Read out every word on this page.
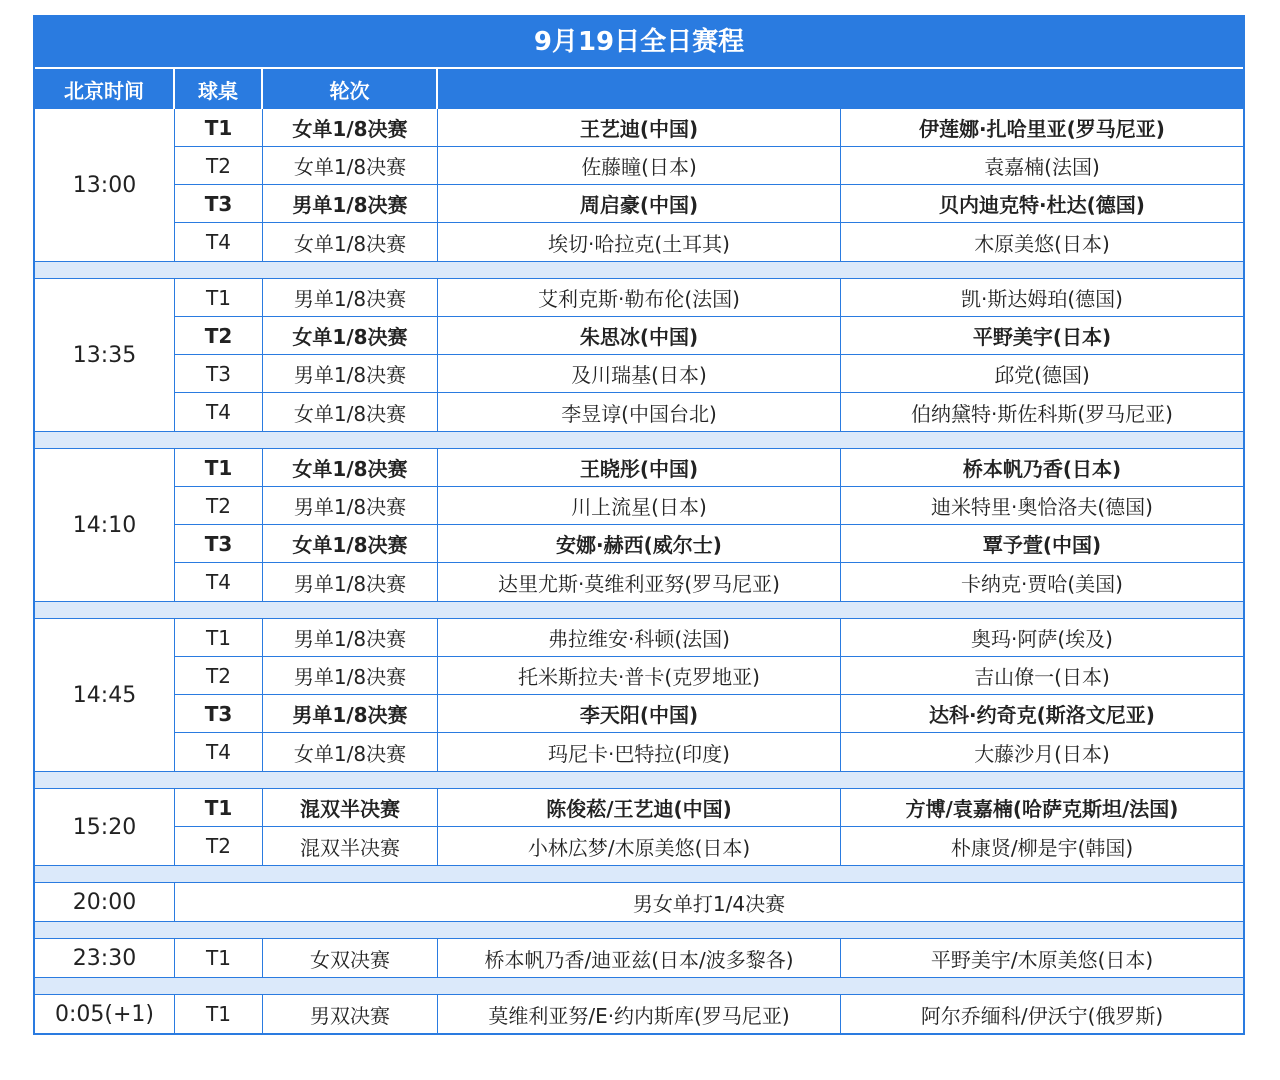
9月19日全日赛程
北京时间	球桌	轮次
13:00
T1	女单1/8决赛	王艺迪(中国)	伊莲娜·扎哈里亚(罗马尼亚)
T2	女单1/8决赛	佐藤瞳(日本)	袁嘉楠(法国)
T3	男单1/8决赛	周启豪(中国)	贝内迪克特·杜达(德国)
T4	女单1/8决赛	埃切·哈拉克(土耳其)	木原美悠(日本)
13:35
T1	男单1/8决赛	艾利克斯·勒布伦(法国)	凯·斯达姆珀(德国)
T2	女单1/8决赛	朱思冰(中国)	平野美宇(日本)
T3	男单1/8决赛	及川瑞基(日本)	邱党(德国)
T4	女单1/8决赛	李昱谆(中国台北)	伯纳黛特·斯佐科斯(罗马尼亚)
14:10
T1	女单1/8决赛	王晓彤(中国)	桥本帆乃香(日本)
T2	男单1/8决赛	川上流星(日本)	迪米特里·奥恰洛夫(德国)
T3	女单1/8决赛	安娜·赫西(威尔士)	覃予萱(中国)
T4	男单1/8决赛	达里尤斯·莫维利亚努(罗马尼亚)	卡纳克·贾哈(美国)
14:45
T1	男单1/8决赛	弗拉维安·科顿(法国)	奥玛·阿萨(埃及)
T2	男单1/8决赛	托米斯拉夫·普卡(克罗地亚)	吉山僚一(日本)
T3	男单1/8决赛	李天阳(中国)	达科·约奇克(斯洛文尼亚)
T4	女单1/8决赛	玛尼卡·巴特拉(印度)	大藤沙月(日本)
15:20
T1	混双半决赛	陈俊菘/王艺迪(中国)	方博/袁嘉楠(哈萨克斯坦/法国)
T2	混双半决赛	小林広梦/木原美悠(日本)	朴康贤/柳是宇(韩国)
20:00	男女单打1/4决赛
23:30	T1	女双决赛	桥本帆乃香/迪亚兹(日本/波多黎各)	平野美宇/木原美悠(日本)
0:05(+1)	T1	男双决赛	莫维利亚努/E·约内斯库(罗马尼亚)	阿尔乔缅科/伊沃宁(俄罗斯)
